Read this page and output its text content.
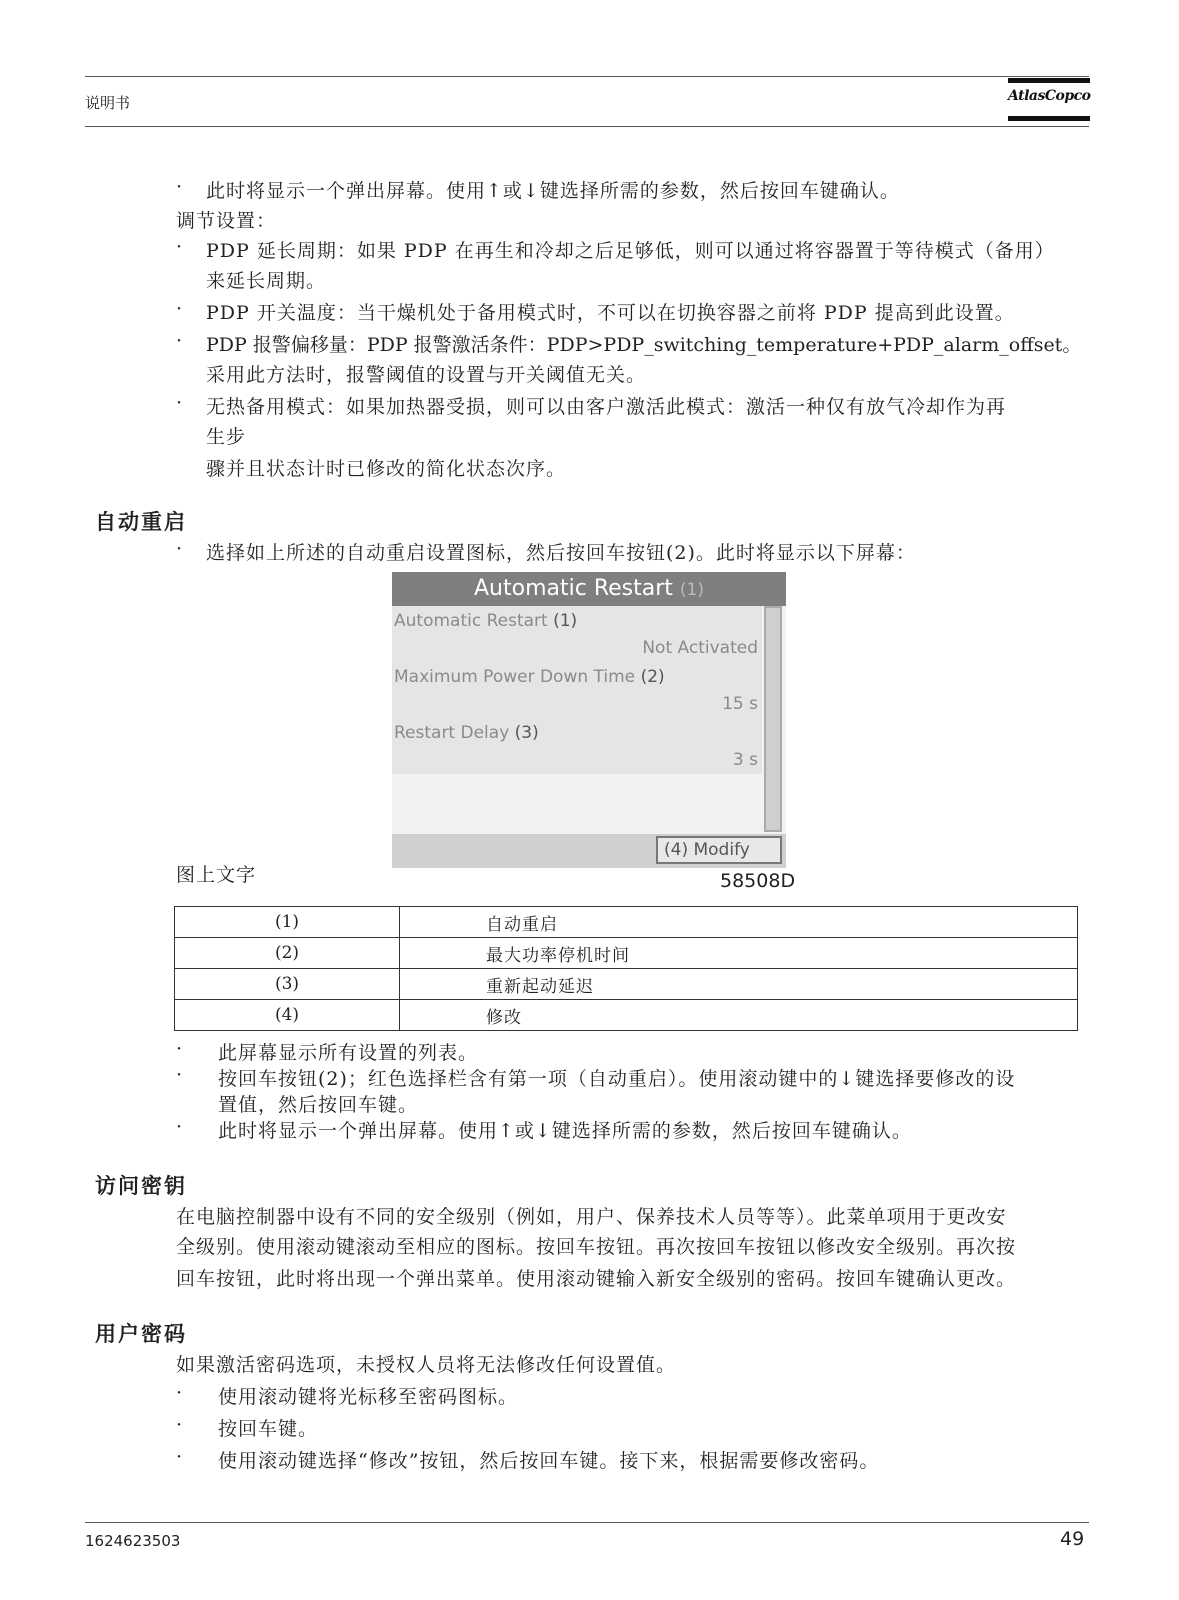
说明书	AtlasCopco
· 此时将显示一个弹出屏幕。使用↑或↓键选择所需的参数，然后按回车键确认。
调节设置：
· PDP 延长周期：如果 PDP 在再生和冷却之后足够低，则可以通过将容器置于等待模式（备用）
来延长周期。
· PDP 开关温度：当干燥机处于备用模式时，不可以在切换容器之前将 PDP 提高到此设置。
· PDP 报警偏移量：PDP 报警激活条件：PDP>PDP_switching_temperature+PDP_alarm_offset。
采用此方法时，报警阈值的设置与开关阈值无关。
· 无热备用模式：如果加热器受损，则可以由客户激活此模式：激活一种仅有放气冷却作为再
生步
骤并且状态计时已修改的简化状态次序。
自动重启
· 选择如上所述的自动重启设置图标，然后按回车按钮(2)。此时将显示以下屏幕：
Automatic Restart (1)
Automatic Restart (1)
Not Activated
Maximum Power Down Time (2)
15 s
Restart Delay (3)
3 s
(4) Modify
图上文字	58508D
(1)	自动重启
(2)	最大功率停机时间
(3)	重新起动延迟
(4)	修改
· 此屏幕显示所有设置的列表。
· 按回车按钮(2)；红色选择栏含有第一项（自动重启）。使用滚动键中的↓键选择要修改的设
置值，然后按回车键。
· 此时将显示一个弹出屏幕。使用↑或↓键选择所需的参数，然后按回车键确认。
访问密钥
在电脑控制器中设有不同的安全级别（例如，用户、保养技术人员等等）。此菜单项用于更改安
全级别。使用滚动键滚动至相应的图标。按回车按钮。再次按回车按钮以修改安全级别。再次按
回车按钮，此时将出现一个弹出菜单。使用滚动键输入新安全级别的密码。按回车键确认更改。
用户密码
如果激活密码选项，未授权人员将无法修改任何设置值。
· 使用滚动键将光标移至密码图标。
· 按回车键。
· 使用滚动键选择“修改”按钮，然后按回车键。接下来，根据需要修改密码。
1624623503	49
